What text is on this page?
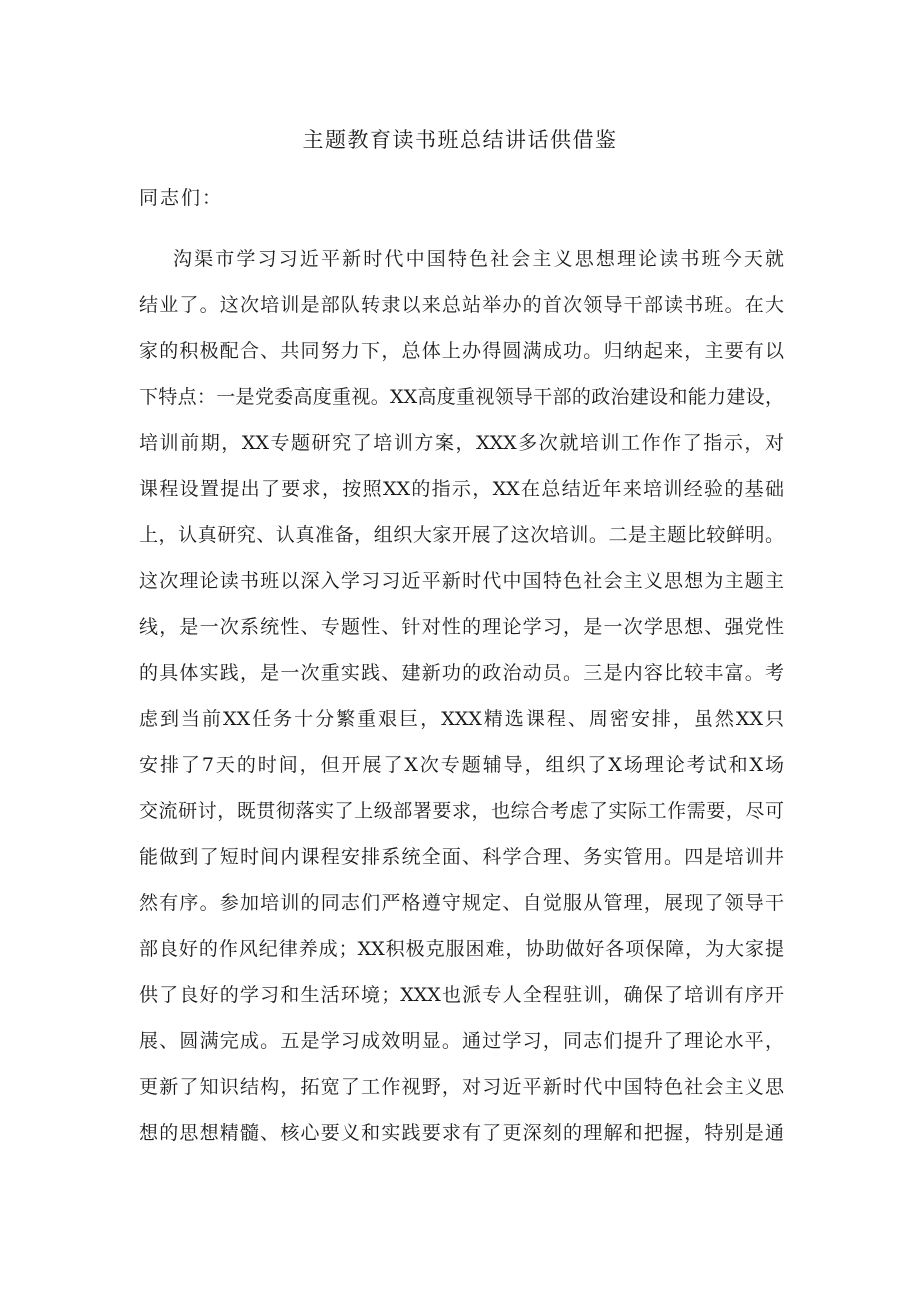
主题教育读书班总结讲话供借鉴
同志们：
沟渠市学习习近平新时代中国特色社会主义思想理论读书班今天就
结业了。这次培训是部队转隶以来总站举办的首次领导干部读书班。在大
家的积极配合、共同努力下，总体上办得圆满成功。归纳起来，主要有以
下特点：一是党委高度重视。XX高度重视领导干部的政治建设和能力建设，
培训前期，XX专题研究了培训方案，XXX多次就培训工作作了指示，对
课程设置提出了要求，按照XX的指示，XX在总结近年来培训经验的基础
上，认真研究、认真准备，组织大家开展了这次培训。二是主题比较鲜明。
这次理论读书班以深入学习习近平新时代中国特色社会主义思想为主题主
线，是一次系统性、专题性、针对性的理论学习，是一次学思想、强党性
的具体实践，是一次重实践、建新功的政治动员。三是内容比较丰富。考
虑到当前XX任务十分繁重艰巨，XXX精选课程、周密安排，虽然XX只
安排了7天的时间，但开展了X次专题辅导，组织了X场理论考试和X场
交流研讨，既贯彻落实了上级部署要求，也综合考虑了实际工作需要，尽可
能做到了短时间内课程安排系统全面、科学合理、务实管用。四是培训井
然有序。参加培训的同志们严格遵守规定、自觉服从管理，展现了领导干
部良好的作风纪律养成；XX积极克服困难，协助做好各项保障，为大家提
供了良好的学习和生活环境；XXX也派专人全程驻训，确保了培训有序开
展、圆满完成。五是学习成效明显。通过学习，同志们提升了理论水平，
更新了知识结构，拓宽了工作视野，对习近平新时代中国特色社会主义思
想的思想精髓、核心要义和实践要求有了更深刻的理解和把握，特别是通
